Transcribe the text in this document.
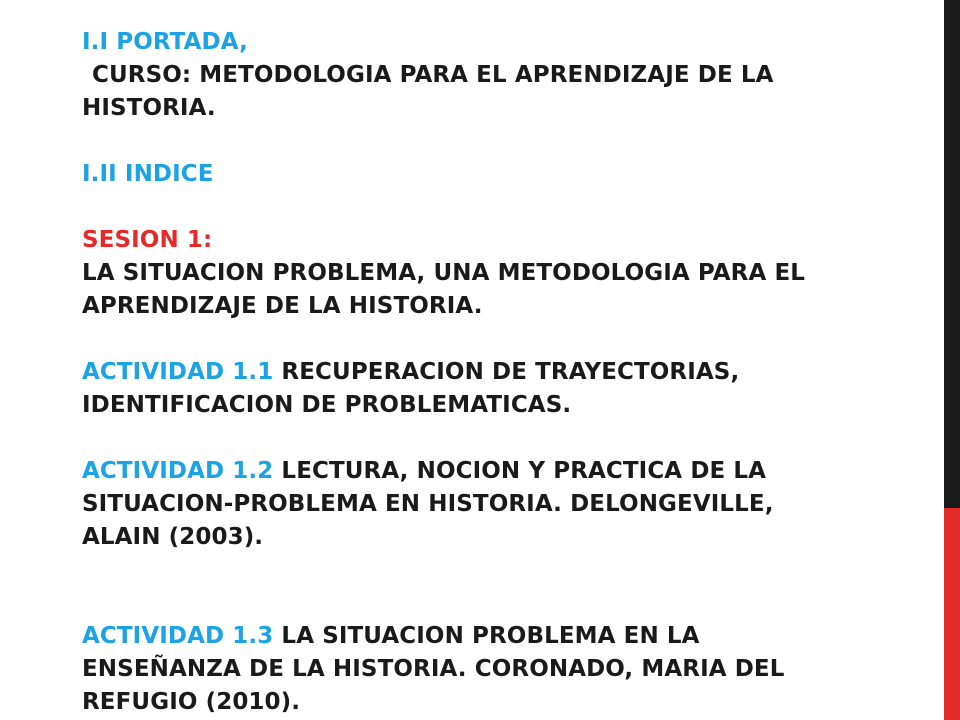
I.I PORTADA,
CURSO: METODOLOGIA PARA EL APRENDIZAJE DE LA
HISTORIA.
I.II INDICE
SESION 1:
LA SITUACION PROBLEMA, UNA METODOLOGIA PARA EL
APRENDIZAJE DE LA HISTORIA.
ACTIVIDAD 1.1 RECUPERACION DE TRAYECTORIAS,
IDENTIFICACION DE PROBLEMATICAS.
ACTIVIDAD 1.2 LECTURA, NOCION Y PRACTICA DE LA
SITUACION-PROBLEMA EN HISTORIA. DELONGEVILLE,
ALAIN (2003).
ACTIVIDAD 1.3 LA SITUACION PROBLEMA EN LA
ENSEÑANZA DE LA HISTORIA. CORONADO, MARIA DEL
REFUGIO (2010).
